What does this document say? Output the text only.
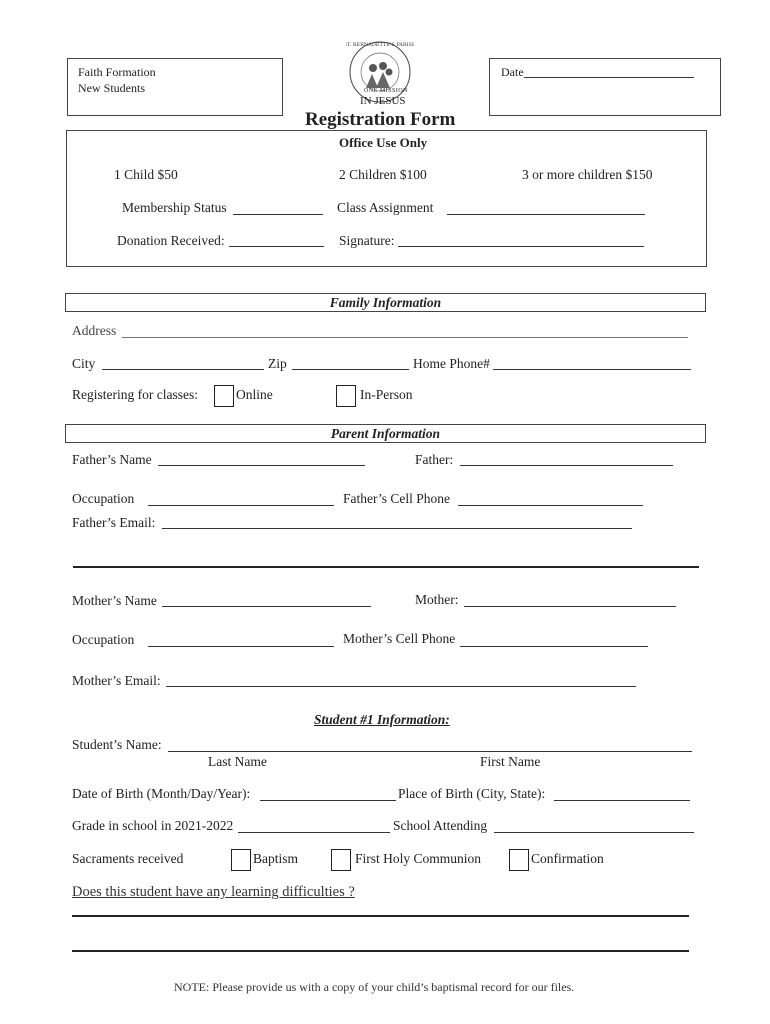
Faith Formation
New Students
Date
ST. BERNADETTE'S PARISH
ONE MISSION
IN JESUS
Registration Form
Office Use Only
1 Child $50	2 Children $100	3 or more children $150
Membership Status	Class Assignment
Donation Received:	Signature:
Family Information
Address
City	Zip	Home Phone#
Registering for classes:	Online	In-Person
Parent Information
Father’s Name	Father:
Occupation	Father’s Cell Phone
Father’s Email:
Mother’s Name	Mother:
Occupation	Mother’s Cell Phone
Mother’s Email:
Student #1 Information:
Student’s Name:
Last Name	First Name
Date of Birth (Month/Day/Year):	Place of Birth (City, State):
Grade in school in 2021-2022	School Attending
Sacraments received	Baptism	First Holy Communion	Confirmation
Does this student have any learning difficulties ?
NOTE: Please provide us with a copy of your child’s baptismal record for our files.
